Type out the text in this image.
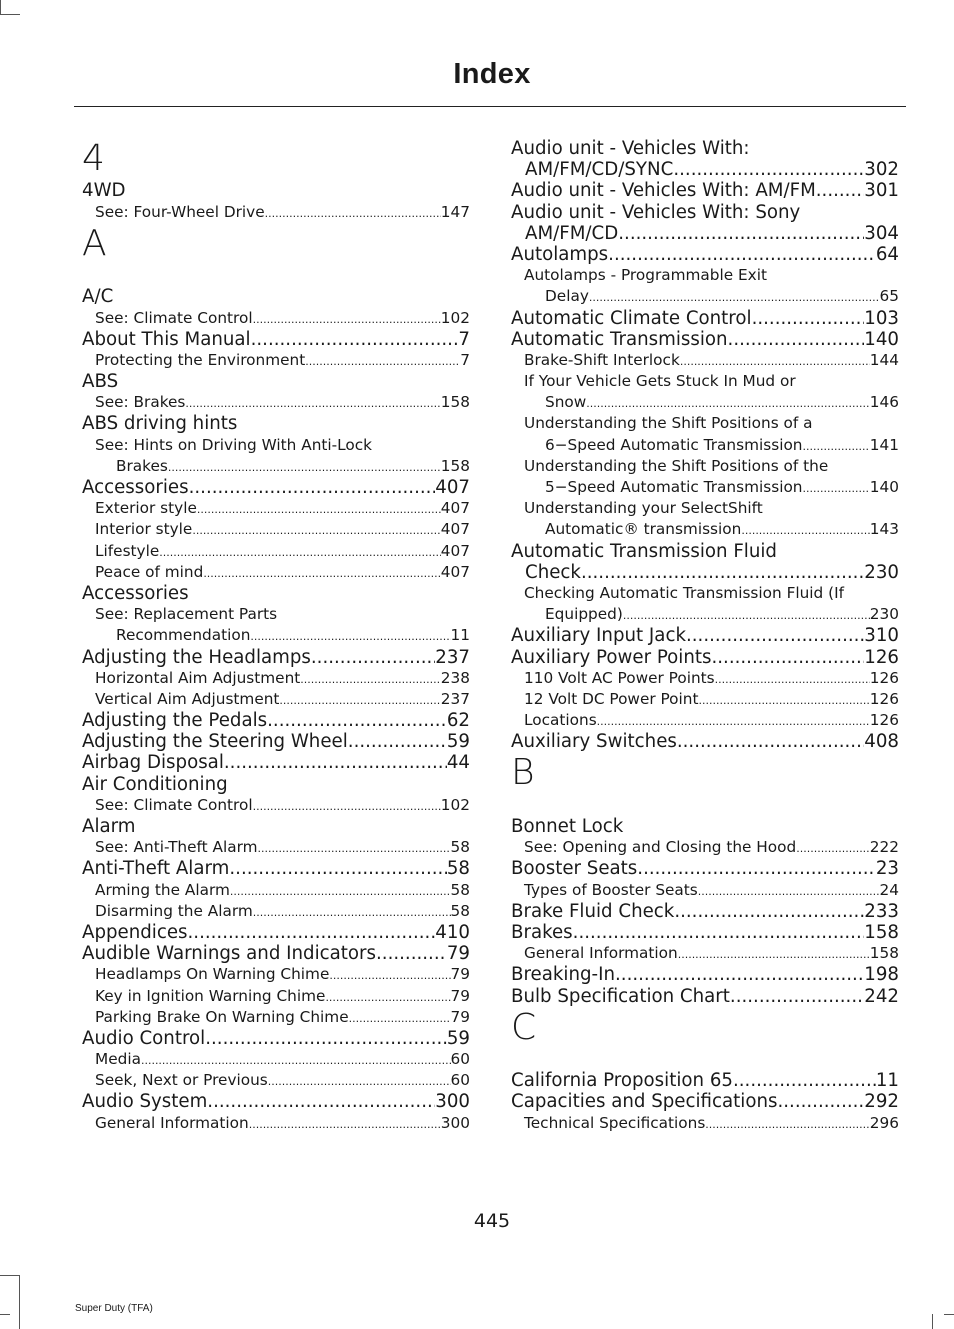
Index
4
4WD
See: Four-Wheel Drive .....	147
A
A/C
See: Climate Control .....	102
About This Manual .....	7
Protecting the Environment .....	7
ABS
See: Brakes .....	158
ABS driving hints
See: Hints on Driving With Anti-Lock
Brakes .....	158
Accessories .....	407
Exterior style .....	407
Interior style .....	407
Lifestyle .....	407
Peace of mind .....	407
Accessories
See: Replacement Parts
Recommendation .....	11
Adjusting the Headlamps .....	237
Horizontal Aim Adjustment .....	238
Vertical Aim Adjustment .....	237
Adjusting the Pedals .....	62
Adjusting the Steering Wheel .....	59
Airbag Disposal .....	44
Air Conditioning
See: Climate Control .....	102
Alarm
See: Anti-Theft Alarm .....	58
Anti-Theft Alarm .....	58
Arming the Alarm .....	58
Disarming the Alarm .....	58
Appendices .....	410
Audible Warnings and Indicators .....	79
Headlamps On Warning Chime .....	79
Key in Ignition Warning Chime .....	79
Parking Brake On Warning Chime .....	79
Audio Control .....	59
Media .....	60
Seek, Next or Previous .....	60
Audio System .....	300
General Information .....	300
Audio unit - Vehicles With:
AM/FM/CD/SYNC .....	302
Audio unit - Vehicles With: AM/FM .....	301
Audio unit - Vehicles With: Sony
AM/FM/CD .....	304
Autolamps .....	64
Autolamps - Programmable Exit
Delay .....	65
Automatic Climate Control .....	103
Automatic Transmission .....	140
Brake-Shift Interlock .....	144
If Your Vehicle Gets Stuck In Mud or
Snow .....	146
Understanding the Shift Positions of a
6−Speed Automatic Transmission .....	141
Understanding the Shift Positions of the
5−Speed Automatic Transmission .....	140
Understanding your SelectShift
Automatic® transmission .....	143
Automatic Transmission Fluid
Check .....	230
Checking Automatic Transmission Fluid (If
Equipped) .....	230
Auxiliary Input Jack .....	310
Auxiliary Power Points .....	126
110 Volt AC Power Points .....	126
12 Volt DC Power Point .....	126
Locations .....	126
Auxiliary Switches .....	408
B
Bonnet Lock
See: Opening and Closing the Hood .....	222
Booster Seats .....	23
Types of Booster Seats .....	24
Brake Fluid Check .....	233
Brakes .....	158
General Information .....	158
Breaking-In .....	198
Bulb Specification Chart .....	242
C
California Proposition 65 .....	11
Capacities and Specifications .....	292
Technical Specifications .....	296
445
Super Duty (TFA)
